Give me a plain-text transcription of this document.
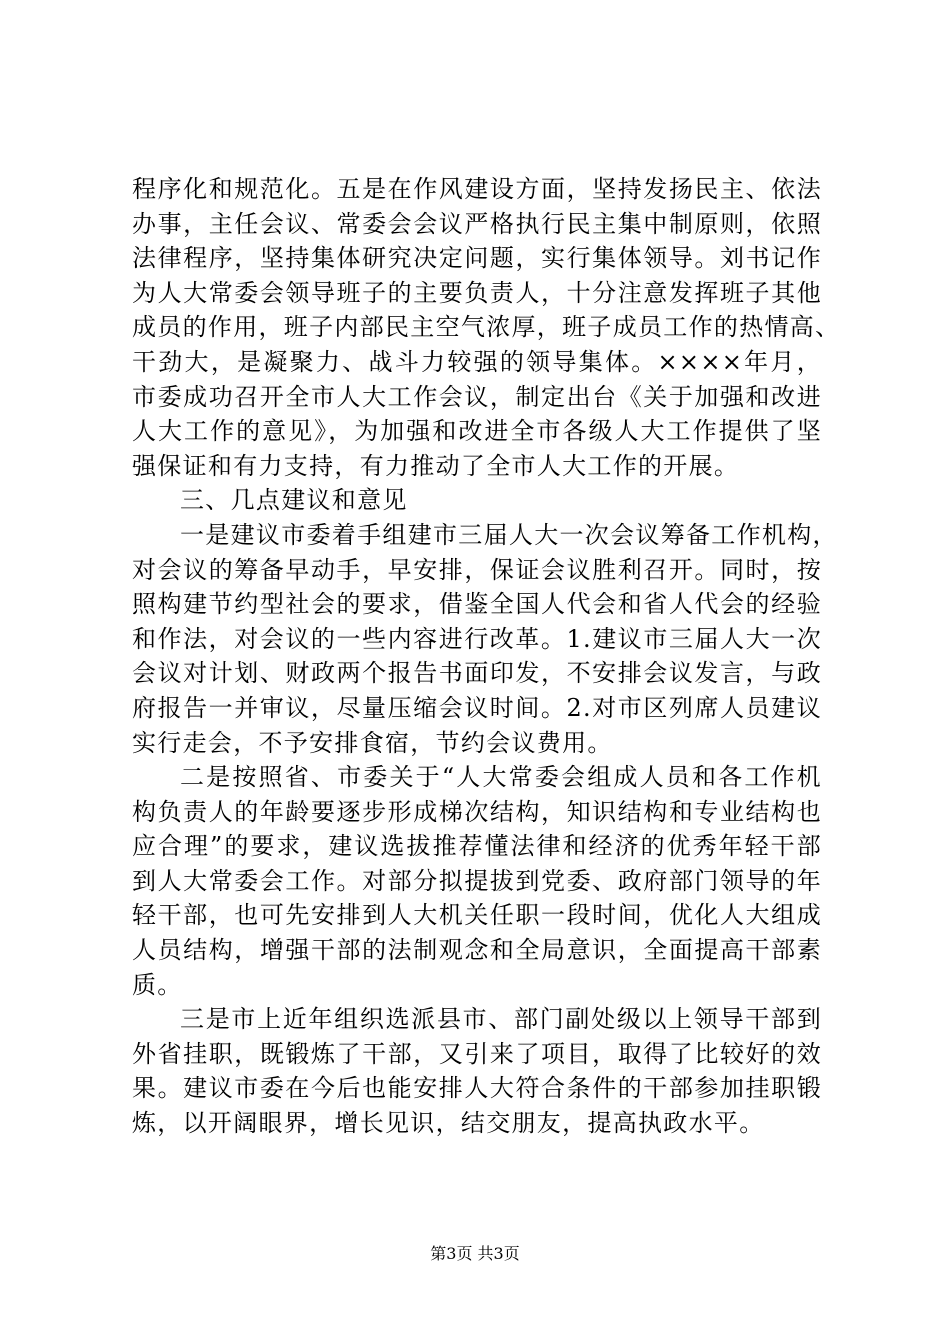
程序化和规范化。五是在作风建设方面，坚持发扬民主、依法
办事，主任会议、常委会会议严格执行民主集中制原则，依照
法律程序，坚持集体研究决定问题，实行集体领导。刘书记作
为人大常委会领导班子的主要负责人，十分注意发挥班子其他
成员的作用，班子内部民主空气浓厚，班子成员工作的热情高、
干劲大，是凝聚力、战斗力较强的领导集体。××××年月，
市委成功召开全市人大工作会议，制定出台《关于加强和改进
人大工作的意见》，为加强和改进全市各级人大工作提供了坚
强保证和有力支持，有力推动了全市人大工作的开展。
三、几点建议和意见
一是建议市委着手组建市三届人大一次会议筹备工作机构，
对会议的筹备早动手，早安排，保证会议胜利召开。同时，按
照构建节约型社会的要求，借鉴全国人代会和省人代会的经验
和作法，对会议的一些内容进行改革。1.建议市三届人大一次
会议对计划、财政两个报告书面印发，不安排会议发言，与政
府报告一并审议，尽量压缩会议时间。2.对市区列席人员建议
实行走会，不予安排食宿，节约会议费用。
二是按照省、市委关于“人大常委会组成人员和各工作机
构负责人的年龄要逐步形成梯次结构，知识结构和专业结构也
应合理”的要求，建议选拔推荐懂法律和经济的优秀年轻干部
到人大常委会工作。对部分拟提拔到党委、政府部门领导的年
轻干部，也可先安排到人大机关任职一段时间，优化人大组成
人员结构，增强干部的法制观念和全局意识，全面提高干部素
质。
三是市上近年组织选派县市、部门副处级以上领导干部到
外省挂职，既锻炼了干部，又引来了项目，取得了比较好的效
果。建议市委在今后也能安排人大符合条件的干部参加挂职锻
炼，以开阔眼界，增长见识，结交朋友，提高执政水平。
第3页 共3页
